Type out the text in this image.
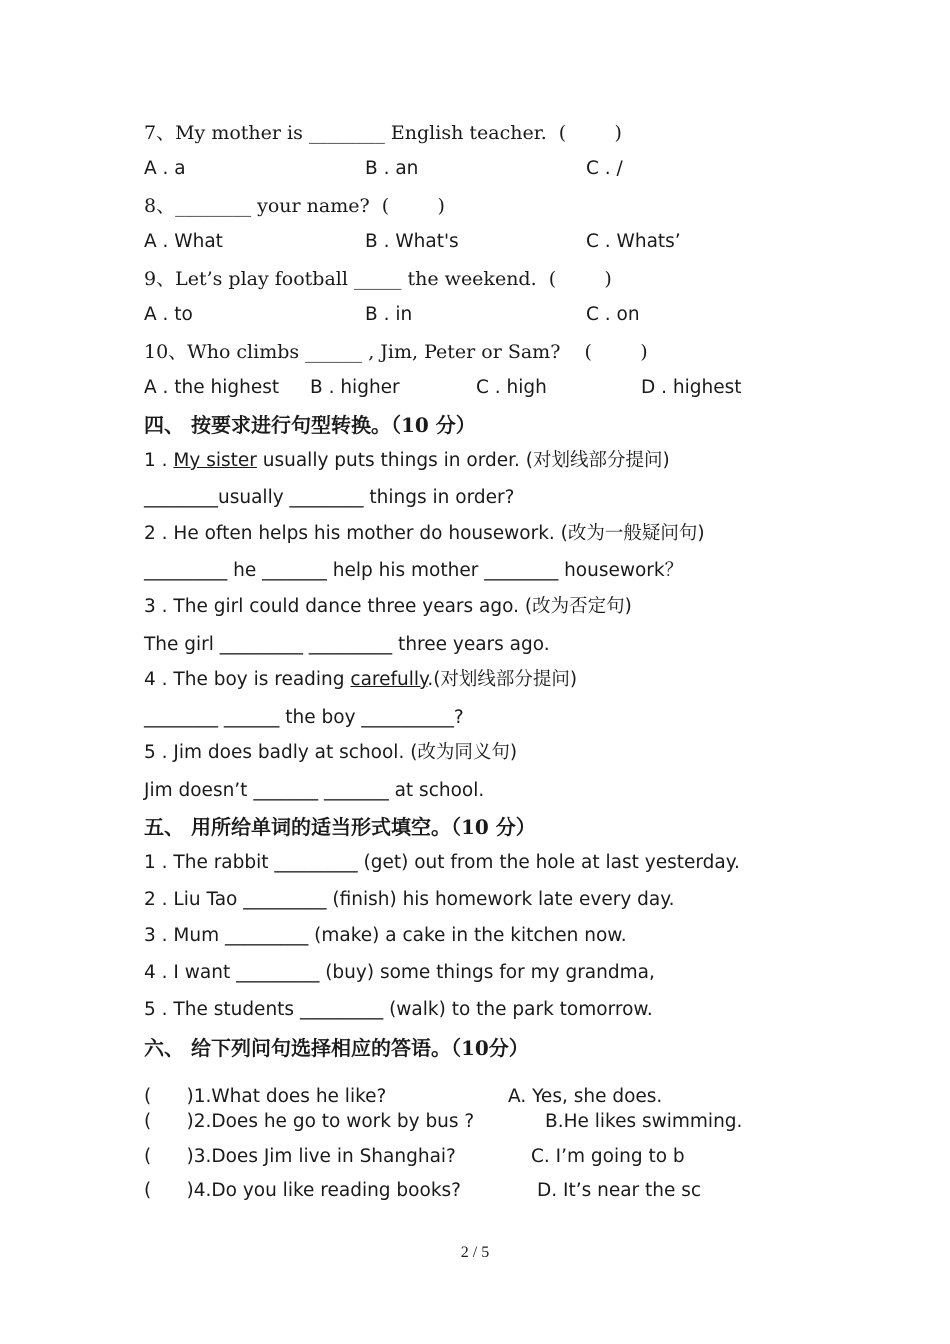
7、My mother is ________ English teacher.  (        )
A . a	B . an	C . /
8、________ your name?  (        )
A . What	B . What's	C . Whats’
9、Let’s play football _____ the weekend.  (        )
A . to	B . in	C . on
10、Who climbs ______ , Jim, Peter or Sam?    (        )
A . the highest B . higher	C . high	D . highest
四、 按要求进行句型转换。（10 分）
1 . My sister usually puts things in order. (对划线部分提问)
________usually ________ things in order?
2 . He often helps his mother do housework. (改为一般疑问句)
_________ he _______ help his mother ________ housework？
3 . The girl could dance three years ago. (改为否定句)
The girl _________ _________ three years ago.
4 . The boy is reading carefully.(对划线部分提问)
________ ______ the boy __________?
5 . Jim does badly at school. (改为同义句)
Jim doesn’t _______ _______ at school.
五、 用所给单词的适当形式填空。（10 分）
1 . The rabbit _________ (get) out from the hole at last yesterday.
2 . Liu Tao _________ (finish) his homework late every day.
3 . Mum _________ (make) a cake in the kitchen now.
4 . I want _________ (buy) some things for my grandma,
5 . The students _________ (walk) to the park tomorrow.
六、 给下列问句选择相应的答语。（10分）
(      )1.What does he like?	A. Yes, she does.
(      )2.Does he go to work by bus ?	B.He likes swimming.
(      )3.Does Jim live in Shanghai?	C. I’m going to b
(      )4.Do you like reading books?	D. It’s near the sc
2 / 5
